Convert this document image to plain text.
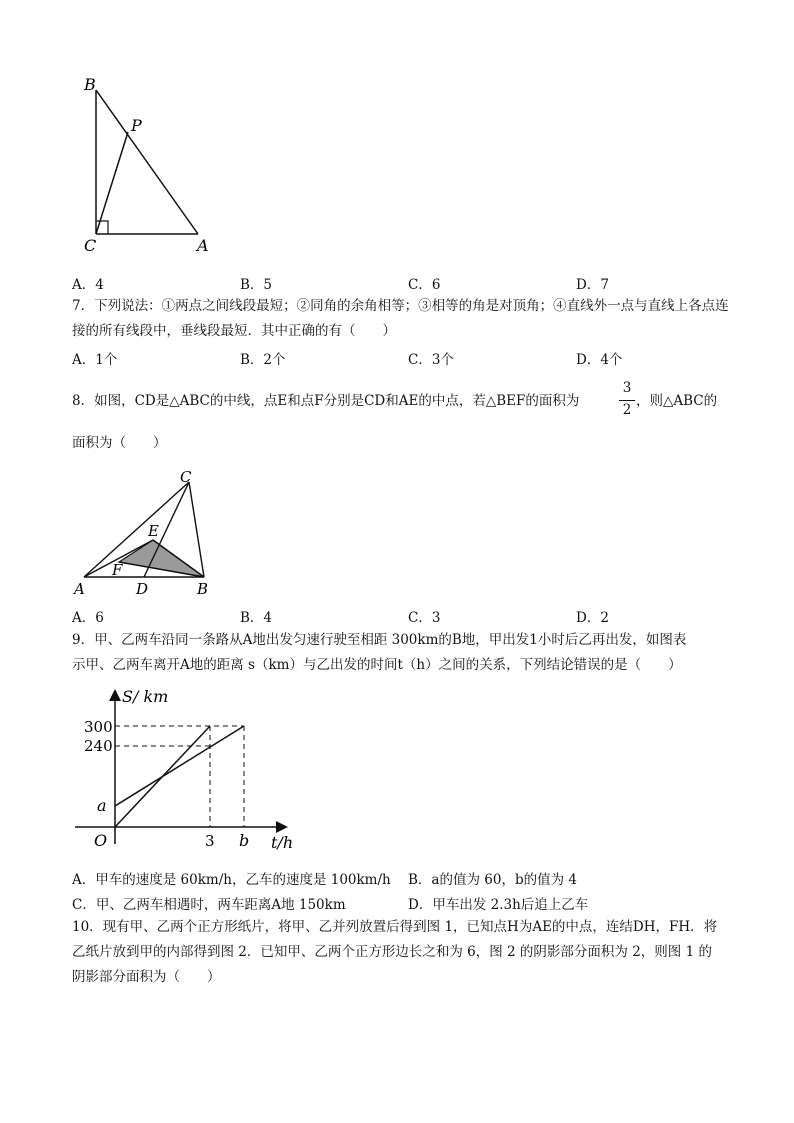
B
P
C	A
A．4	B．5	C．6	D．7
7．下列说法：①两点之间线段最短；②同角的余角相等；③相等的角是对顶角；④直线外一点与直线上各点连
接的所有线段中，垂线段最短．其中正确的有（　　）
A．1个	B．2个	C．3个	D．4个
8．如图，CD是△ABC的中线，点E和点F分别是CD和AE的中点，若△BEF的面积为
3
2
，则△ABC的
面积为（　　）
C
E
F
A	D	B
A．6	B．4	C．3	D．2
9．甲、乙两车沿同一条路从A地出发匀速行驶至相距 300km的B地，甲出发1小时后乙再出发，如图表
示甲、乙两车离开A地的距离 s（km）与乙出发的时间t（h）之间的关系，下列结论错误的是（　　）
S/ km
300
240
a
O	3 b t/h
A．甲车的速度是 60km/h，乙车的速度是 100km/h B．a的值为 60，b的值为 4
C．甲、乙两车相遇时，两车距离A地 150km	D．甲车出发 2.3h后追上乙车
10．现有甲、乙两个正方形纸片，将甲、乙并列放置后得到图 1，已知点H为AE的中点，连结DH，FH．将
乙纸片放到甲的内部得到图 2．已知甲、乙两个正方形边长之和为 6，图 2 的阴影部分面积为 2，则图 1 的
阴影部分面积为（　　）
